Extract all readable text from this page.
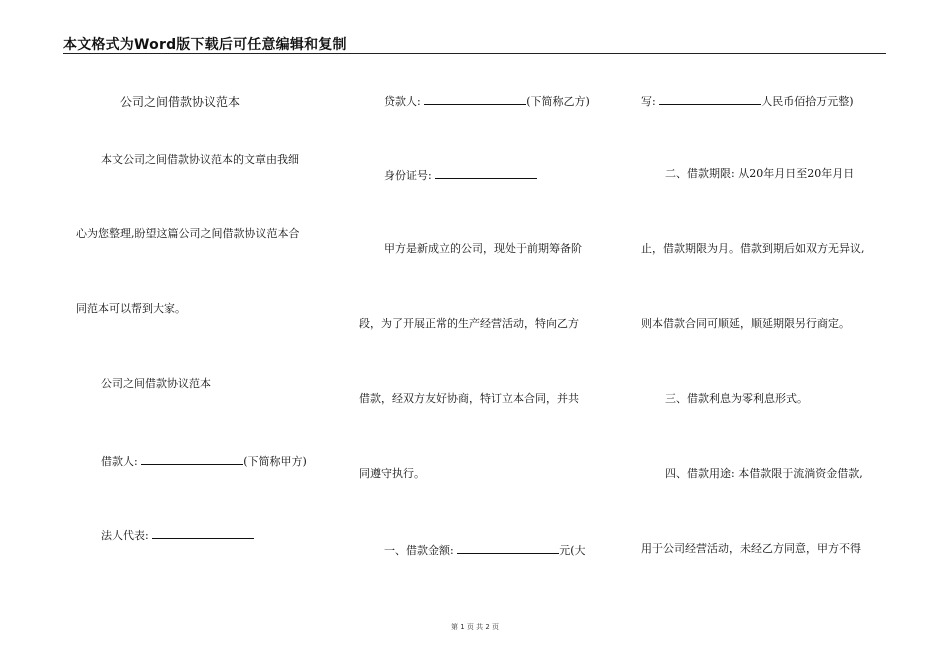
本文格式为Word版下载后可任意编辑和复制
公司之间借款协议范本
本文公司之间借款协议范本的文章由我细
心为您整理,盼望这篇公司之间借款协议范本合
同范本可以帮到大家。
公司之间借款协议范本
借款人:	(下简称甲方)
法人代表:
贷款人:	(下简称乙方)
身份证号:
甲方是新成立的公司，现处于前期筹备阶
段，为了开展正常的生产经营活动，特向乙方
借款，经双方友好协商，特订立本合同，并共
同遵守执行。
一、借款金额:	元(大
写:	人民币佰拾万元整)
二、借款期限: 从20年月日至20年月日
止，借款期限为月。借款到期后如双方无异议,
则本借款合同可顺延，顺延期限另行商定。
三、借款利息为零利息形式。
四、借款用途: 本借款限于流淌资金借款,
用于公司经营活动，未经乙方同意，甲方不得
第 1 页 共 2 页
